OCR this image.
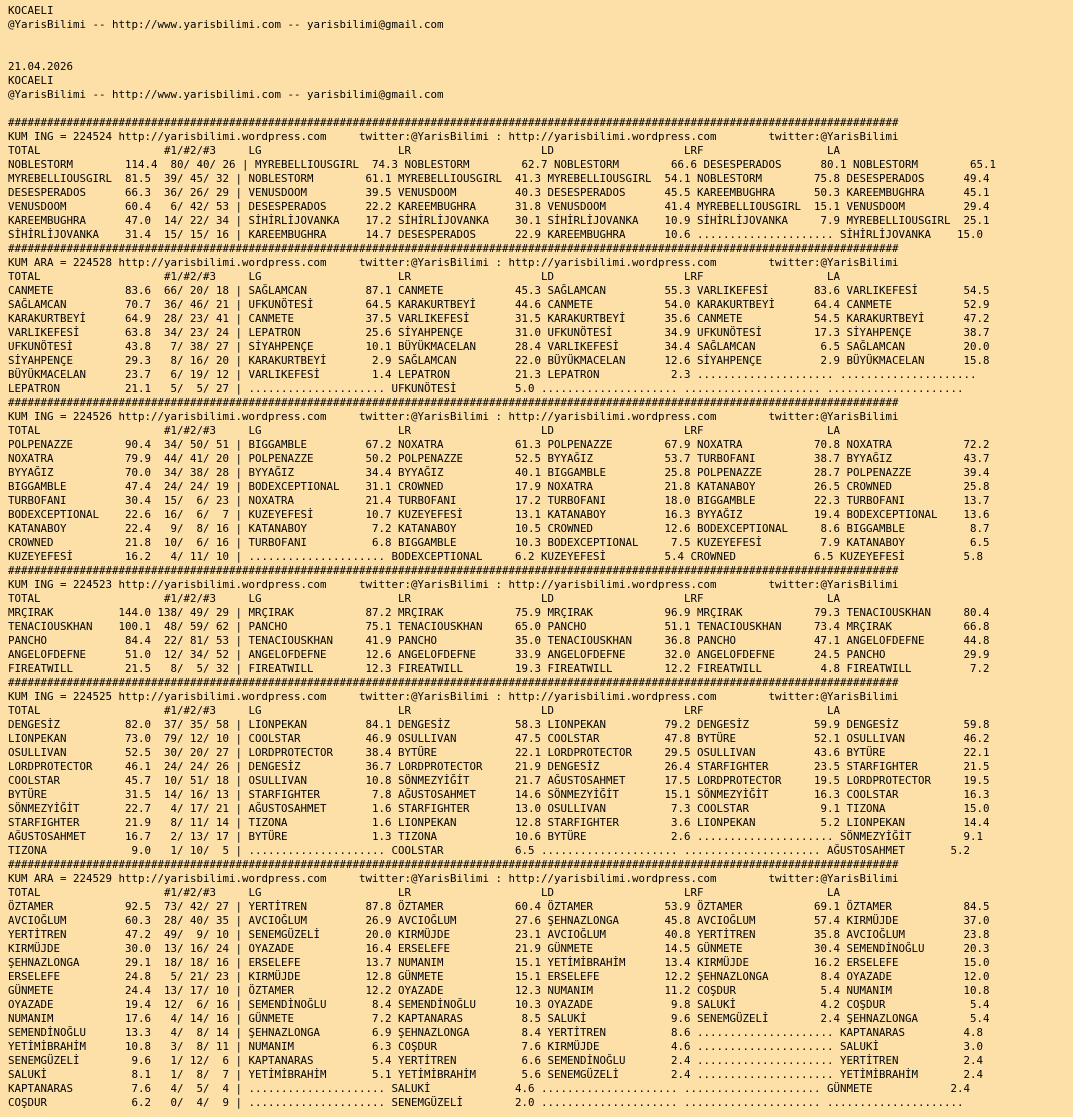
KOCAELI
@YarisBilimi -- http://www.yarisbilimi.com -- yarisbilimi@gmail.com
21.04.2026
KOCAELI
@YarisBilimi -- http://www.yarisbilimi.com -- yarisbilimi@gmail.com
#########################################################################################################################################
KUM ING = 224524 http://yarisbilimi.wordpress.com     twitter:@YarisBilimi : http://yarisbilimi.wordpress.com        twitter:@YarisBilimi
TOTAL                   #1/#2/#3     LG                     LR                    LD                    LRF                   LA
NOBLESTORM        114.4  80/ 40/ 26 | MYREBELLIOUSGIRL  74.3 NOBLESTORM        62.7 NOBLESTORM        66.6 DESESPERADOS      80.1 NOBLESTORM        65.1
MYREBELLIOUSGIRL  81.5  39/ 45/ 32 | NOBLESTORM        61.1 MYREBELLIOUSGIRL  41.3 MYREBELLIOUSGIRL  54.1 NOBLESTORM        75.8 DESESPERADOS      49.4
DESESPERADOS      66.3  36/ 26/ 29 | VENUSDOOM         39.5 VENUSDOOM         40.3 DESESPERADOS      45.5 KAREEMBUGHRA      50.3 KAREEMBUGHRA      45.1
VENUSDOOM         60.4   6/ 42/ 53 | DESESPERADOS      22.2 KAREEMBUGHRA      31.8 VENUSDOOM         41.4 MYREBELLIOUSGIRL  15.1 VENUSDOOM         29.4
KAREEMBUGHRA      47.0  14/ 22/ 34 | SİHİRLİJOVANKA    17.2 SİHİRLİJOVANKA    30.1 SİHİRLİJOVANKA    10.9 SİHİRLİJOVANKA     7.9 MYREBELLIOUSGIRL  25.1
SİHİRLİJOVANKA    31.4  15/ 15/ 16 | KAREEMBUGHRA      14.7 DESESPERADOS      22.9 KAREEMBUGHRA      10.6 ..................... SİHİRLİJOVANKA    15.0
#########################################################################################################################################
KUM ARA = 224528 http://yarisbilimi.wordpress.com     twitter:@YarisBilimi : http://yarisbilimi.wordpress.com        twitter:@YarisBilimi
TOTAL                   #1/#2/#3     LG                     LR                    LD                    LRF                   LA
CANMETE           83.6  66/ 20/ 18 | SAĞLAMCAN         87.1 CANMETE           45.3 SAĞLAMCAN         55.3 VARLIKEFESİ       83.6 VARLIKEFESİ       54.5
SAĞLAMCAN         70.7  36/ 46/ 21 | UFKUNÖTESİ        64.5 KARAKURTBEYİ      44.6 CANMETE           54.0 KARAKURTBEYİ      64.4 CANMETE           52.9
KARAKURTBEYİ      64.9  28/ 23/ 41 | CANMETE           37.5 VARLIKEFESİ       31.5 KARAKURTBEYİ      35.6 CANMETE           54.5 KARAKURTBEYİ      47.2
VARLIKEFESİ       63.8  34/ 23/ 24 | LEPATRON          25.6 SİYAHPENÇE        31.0 UFKUNÖTESİ        34.9 UFKUNÖTESİ        17.3 SİYAHPENÇE        38.7
UFKUNÖTESİ        43.8   7/ 38/ 27 | SİYAHPENÇE        10.1 BÜYÜKMACELAN      28.4 VARLIKEFESİ       34.4 SAĞLAMCAN          6.5 SAĞLAMCAN         20.0
SİYAHPENÇE        29.3   8/ 16/ 20 | KARAKURTBEYİ       2.9 SAĞLAMCAN         22.0 BÜYÜKMACELAN      12.6 SİYAHPENÇE         2.9 BÜYÜKMACELAN      15.8
BÜYÜKMACELAN      23.7   6/ 19/ 12 | VARLIKEFESİ        1.4 LEPATRON          21.3 LEPATRON           2.3 ..................... .....................
LEPATRON          21.1   5/  5/ 27 | ..................... UFKUNÖTESİ         5.0 ..................... ..................... .....................
#########################################################################################################################################
KUM ING = 224526 http://yarisbilimi.wordpress.com     twitter:@YarisBilimi : http://yarisbilimi.wordpress.com        twitter:@YarisBilimi
TOTAL                   #1/#2/#3     LG                     LR                    LD                    LRF                   LA
POLPENAZZE        90.4  34/ 50/ 51 | BIGGAMBLE         67.2 NOXATRA           61.3 POLPENAZZE        67.9 NOXATRA           70.8 NOXATRA           72.2
NOXATRA           79.9  44/ 41/ 20 | POLPENAZZE        50.2 POLPENAZZE        52.5 BYYAĞIZ           53.7 TURBOFANI         38.7 BYYAĞIZ           43.7
BYYAĞIZ           70.0  34/ 38/ 28 | BYYAĞIZ           34.4 BYYAĞIZ           40.1 BIGGAMBLE         25.8 POLPENAZZE        28.7 POLPENAZZE        39.4
BIGGAMBLE         47.4  24/ 24/ 19 | BODEXCEPTIONAL    31.1 CROWNED           17.9 NOXATRA           21.8 KATANABOY         26.5 CROWNED           25.8
TURBOFANI         30.4  15/  6/ 23 | NOXATRA           21.4 TURBOFANI         17.2 TURBOFANI         18.0 BIGGAMBLE         22.3 TURBOFANI         13.7
BODEXCEPTIONAL    22.6  16/  6/  7 | KUZEYEFESİ        10.7 KUZEYEFESİ        13.1 KATANABOY         16.3 BYYAĞIZ           19.4 BODEXCEPTIONAL    13.6
KATANABOY         22.4   9/  8/ 16 | KATANABOY          7.2 KATANABOY         10.5 CROWNED           12.6 BODEXCEPTIONAL     8.6 BIGGAMBLE          8.7
CROWNED           21.8  10/  6/ 16 | TURBOFANI          6.8 BIGGAMBLE         10.3 BODEXCEPTIONAL     7.5 KUZEYEFESİ         7.9 KATANABOY          6.5
KUZEYEFESİ        16.2   4/ 11/ 10 | ..................... BODEXCEPTIONAL     6.2 KUZEYEFESİ         5.4 CROWNED            6.5 KUZEYEFESİ         5.8
#########################################################################################################################################
KUM ING = 224523 http://yarisbilimi.wordpress.com     twitter:@YarisBilimi : http://yarisbilimi.wordpress.com        twitter:@YarisBilimi
TOTAL                   #1/#2/#3     LG                     LR                    LD                    LRF                   LA
MRÇIRAK          144.0 138/ 49/ 29 | MRÇIRAK           87.2 MRÇIRAK           75.9 MRÇIRAK           96.9 MRÇIRAK           79.3 TENACIOUSKHAN     80.4
TENACIOUSKHAN    100.1  48/ 59/ 62 | PANCHO            75.1 TENACIOUSKHAN     65.0 PANCHO            51.1 TENACIOUSKHAN     73.4 MRÇIRAK           66.8
PANCHO            84.4  22/ 81/ 53 | TENACIOUSKHAN     41.9 PANCHO            35.0 TENACIOUSKHAN     36.8 PANCHO            47.1 ANGELOFDEFNE      44.8
ANGELOFDEFNE      51.0  12/ 34/ 52 | ANGELOFDEFNE      12.6 ANGELOFDEFNE      33.9 ANGELOFDEFNE      32.0 ANGELOFDEFNE      24.5 PANCHO            29.9
FIREATWILL        21.5   8/  5/ 32 | FIREATWILL        12.3 FIREATWILL        19.3 FIREATWILL        12.2 FIREATWILL         4.8 FIREATWILL         7.2
#########################################################################################################################################
KUM ING = 224525 http://yarisbilimi.wordpress.com     twitter:@YarisBilimi : http://yarisbilimi.wordpress.com        twitter:@YarisBilimi
TOTAL                   #1/#2/#3     LG                     LR                    LD                    LRF                   LA
DENGESİZ          82.0  37/ 35/ 58 | LIONPEKAN         84.1 DENGESİZ          58.3 LIONPEKAN         79.2 DENGESİZ          59.9 DENGESİZ          59.8
LIONPEKAN         73.0  79/ 12/ 10 | COOLSTAR          46.9 OSULLIVAN         47.5 COOLSTAR          47.8 BYTÜRE            52.1 OSULLIVAN         46.2
OSULLIVAN         52.5  30/ 20/ 27 | LORDPROTECTOR     38.4 BYTÜRE            22.1 LORDPROTECTOR     29.5 OSULLIVAN         43.6 BYTÜRE            22.1
LORDPROTECTOR     46.1  24/ 24/ 26 | DENGESİZ          36.7 LORDPROTECTOR     21.9 DENGESİZ          26.4 STARFIGHTER       23.5 STARFIGHTER       21.5
COOLSTAR          45.7  10/ 51/ 18 | OSULLIVAN         10.8 SÖNMEZYİĞİT       21.7 AĞUSTOSAHMET      17.5 LORDPROTECTOR     19.5 LORDPROTECTOR     19.5
BYTÜRE            31.5  14/ 16/ 13 | STARFIGHTER        7.8 AĞUSTOSAHMET      14.6 SÖNMEZYİĞİT       15.1 SÖNMEZYİĞİT       16.3 COOLSTAR          16.3
SÖNMEZYİĞİT       22.7   4/ 17/ 21 | AĞUSTOSAHMET       1.6 STARFIGHTER       13.0 OSULLIVAN          7.3 COOLSTAR           9.1 TIZONA            15.0
STARFIGHTER       21.9   8/ 11/ 14 | TIZONA             1.6 LIONPEKAN         12.8 STARFIGHTER        3.6 LIONPEKAN          5.2 LIONPEKAN         14.4
AĞUSTOSAHMET      16.7   2/ 13/ 17 | BYTÜRE             1.3 TIZONA            10.6 BYTÜRE             2.6 ..................... SÖNMEZYİĞİT        9.1
TIZONA             9.0   1/ 10/  5 | ..................... COOLSTAR           6.5 ..................... ..................... AĞUSTOSAHMET       5.2
#########################################################################################################################################
KUM ARA = 224529 http://yarisbilimi.wordpress.com     twitter:@YarisBilimi : http://yarisbilimi.wordpress.com        twitter:@YarisBilimi
TOTAL                   #1/#2/#3     LG                     LR                    LD                    LRF                   LA
ÖZTAMER           92.5  73/ 42/ 27 | YERTİTREN         87.8 ÖZTAMER           60.4 ÖZTAMER           53.9 ÖZTAMER           69.1 ÖZTAMER           84.5
AVCIOĞLUM         60.3  28/ 40/ 35 | AVCIOĞLUM         26.9 AVCIOĞLUM         27.6 ŞEHNAZLONGA       45.8 AVCIOĞLUM         57.4 KIRMÜJDE          37.0
YERTİTREN         47.2  49/  9/ 10 | SENEMGÜZELİ       20.0 KIRMÜJDE          23.1 AVCIOĞLUM         40.8 YERTİTREN         35.8 AVCIOĞLUM         23.8
KIRMÜJDE          30.0  13/ 16/ 24 | OYAZADE           16.4 ERSELEFE          21.9 GÜNMETE           14.5 GÜNMETE           30.4 SEMENDİNOĞLU      20.3
ŞEHNAZLONGA       29.1  18/ 18/ 16 | ERSELEFE          13.7 NUMANIM           15.1 YETİMİBRAHİM      13.4 KIRMÜJDE          16.2 ERSELEFE          15.0
ERSELEFE          24.8   5/ 21/ 23 | KIRMÜJDE          12.8 GÜNMETE           15.1 ERSELEFE          12.2 ŞEHNAZLONGA        8.4 OYAZADE           12.0
GÜNMETE           24.4  13/ 17/ 10 | ÖZTAMER           12.2 OYAZADE           12.3 NUMANIM           11.2 COŞDUR             5.4 NUMANIM           10.8
OYAZADE           19.4  12/  6/ 16 | SEMENDİNOĞLU       8.4 SEMENDİNOĞLU      10.3 OYAZADE            9.8 SALUKİ             4.2 COŞDUR             5.4
NUMANIM           17.6   4/ 14/ 16 | GÜNMETE            7.2 KAPTANARAS         8.5 SALUKİ             9.6 SENEMGÜZELİ        2.4 ŞEHNAZLONGA        5.4
SEMENDİNOĞLU      13.3   4/  8/ 14 | ŞEHNAZLONGA        6.9 ŞEHNAZLONGA        8.4 YERTİTREN          8.6 ..................... KAPTANARAS         4.8
YETİMİBRAHİM      10.8   3/  8/ 11 | NUMANIM            6.3 COŞDUR             7.6 KIRMÜJDE           4.6 ..................... SALUKİ             3.0
SENEMGÜZELİ        9.6   1/ 12/  6 | KAPTANARAS         5.4 YERTİTREN          6.6 SEMENDİNOĞLU       2.4 ..................... YERTİTREN          2.4
SALUKİ             8.1   1/  8/  7 | YETİMİBRAHİM       5.1 YETİMİBRAHİM       5.6 SENEMGÜZELİ        2.4 ..................... YETİMİBRAHİM       2.4
KAPTANARAS         7.6   4/  5/  4 | ..................... SALUKİ             4.6 ..................... ..................... GÜNMETE            2.4
COŞDUR             6.2   0/  4/  9 | ..................... SENEMGÜZELİ        2.0 ..................... ..................... .....................
